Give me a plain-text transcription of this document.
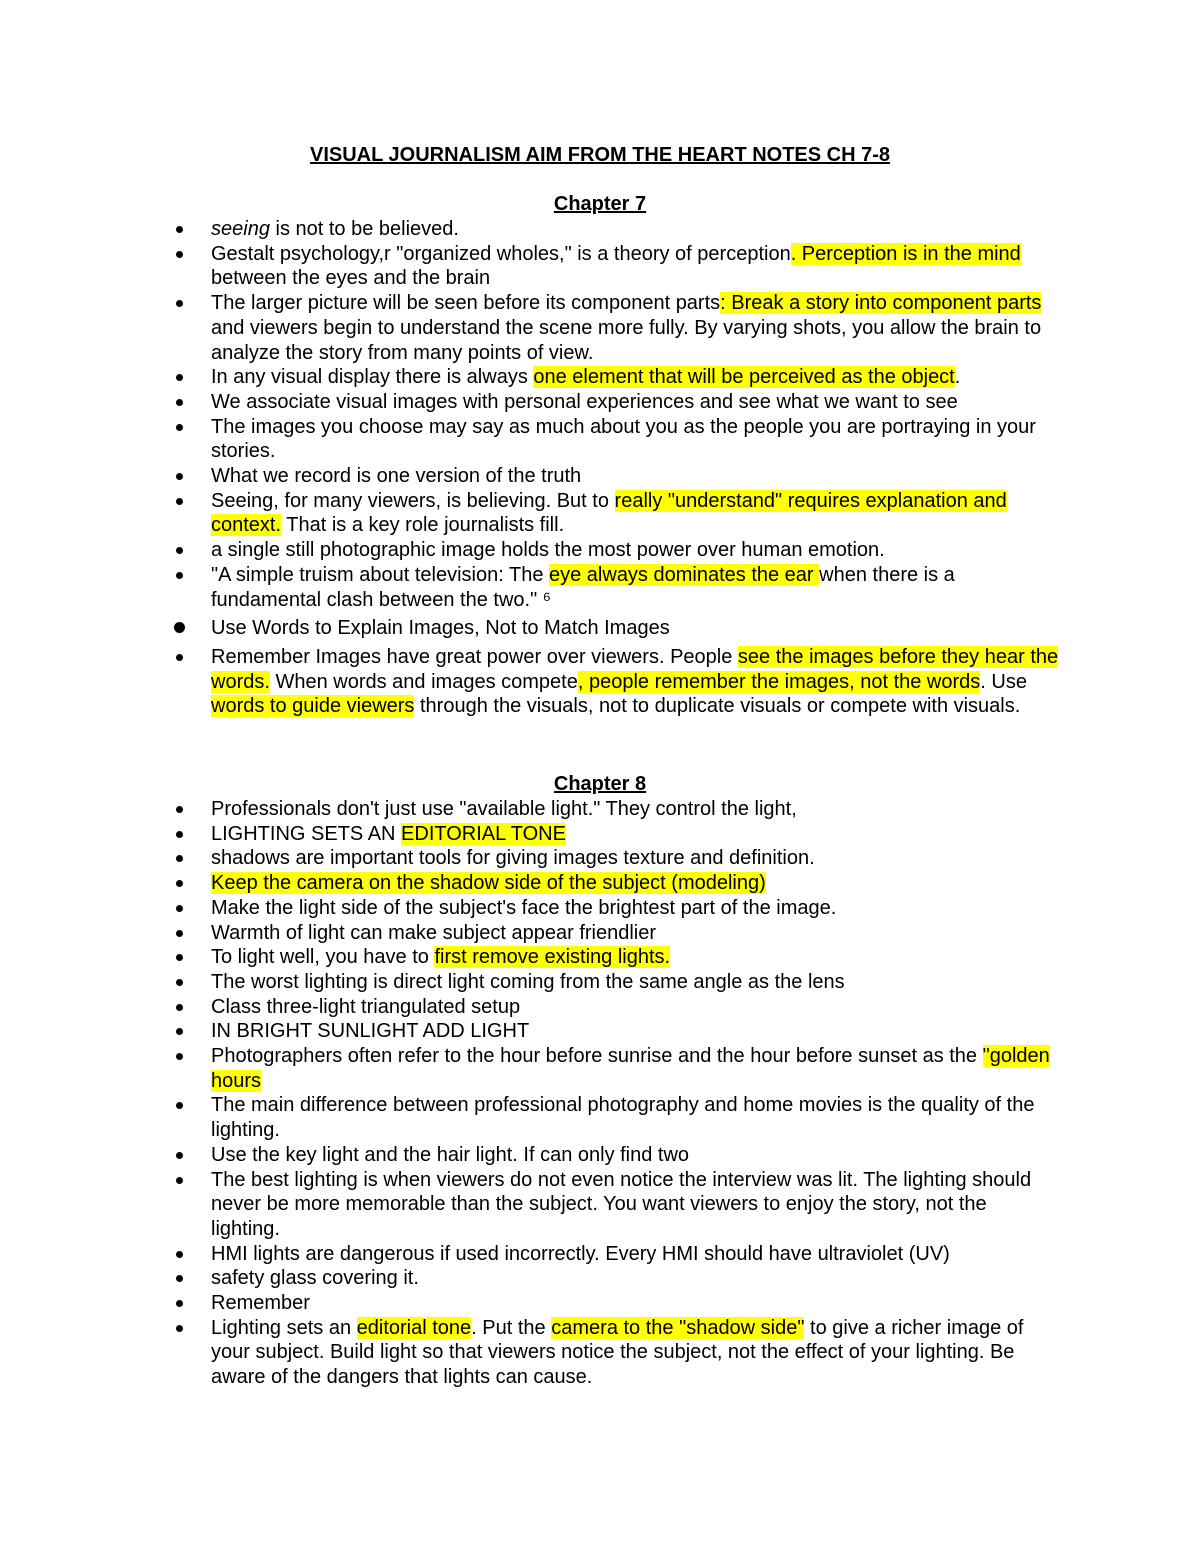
VISUAL JOURNALISM AIM FROM THE HEART NOTES CH 7-8
Chapter 7
seeing is not to be believed.
Gestalt psychology,r "organized wholes," is a theory of perception. Perception is in the mind between the eyes and the brain
The larger picture will be seen before its component parts: Break a story into component parts and viewers begin to understand the scene more fully. By varying shots, you allow the brain to analyze the story from many points of view.
In any visual display there is always one element that will be perceived as the object.
We associate visual images with personal experiences and see what we want to see
The images you choose may say as much about you as the people you are portraying in your stories.
What we record is one version of the truth
Seeing, for many viewers, is believing. But to really "understand" requires explanation and context. That is a key role journalists fill.
a single still photographic image holds the most power over human emotion.
"A simple truism about television: The eye always dominates the ear when there is a fundamental clash between the two." ⁶
Use Words to Explain Images, Not to Match Images
Remember Images have great power over viewers. People see the images before they hear the words. When words and images compete, people remember the images, not the words. Use words to guide viewers through the visuals, not to duplicate visuals or compete with visuals.
Chapter 8
Professionals don't just use "available light." They control the light,
LIGHTING SETS AN EDITORIAL TONE
shadows are important tools for giving images texture and definition.
Keep the camera on the shadow side of the subject (modeling)
Make the light side of the subject's face the brightest part of the image.
Warmth of light can make subject appear friendlier
To light well, you have to first remove existing lights.
The worst lighting is direct light coming from the same angle as the lens
Class three-light triangulated setup
IN BRIGHT SUNLIGHT ADD LIGHT
Photographers often refer to the hour before sunrise and the hour before sunset as the "golden hours
The main difference between professional photography and home movies is the quality of the lighting.
Use the key light and the hair light. If can only find two
The best lighting is when viewers do not even notice the interview was lit. The lighting should never be more memorable than the subject. You want viewers to enjoy the story, not the lighting.
HMI lights are dangerous if used incorrectly. Every HMI should have ultraviolet (UV)
safety glass covering it.
Remember
Lighting sets an editorial tone. Put the camera to the "shadow side" to give a richer image of your subject. Build light so that viewers notice the subject, not the effect of your lighting. Be aware of the dangers that lights can cause.
